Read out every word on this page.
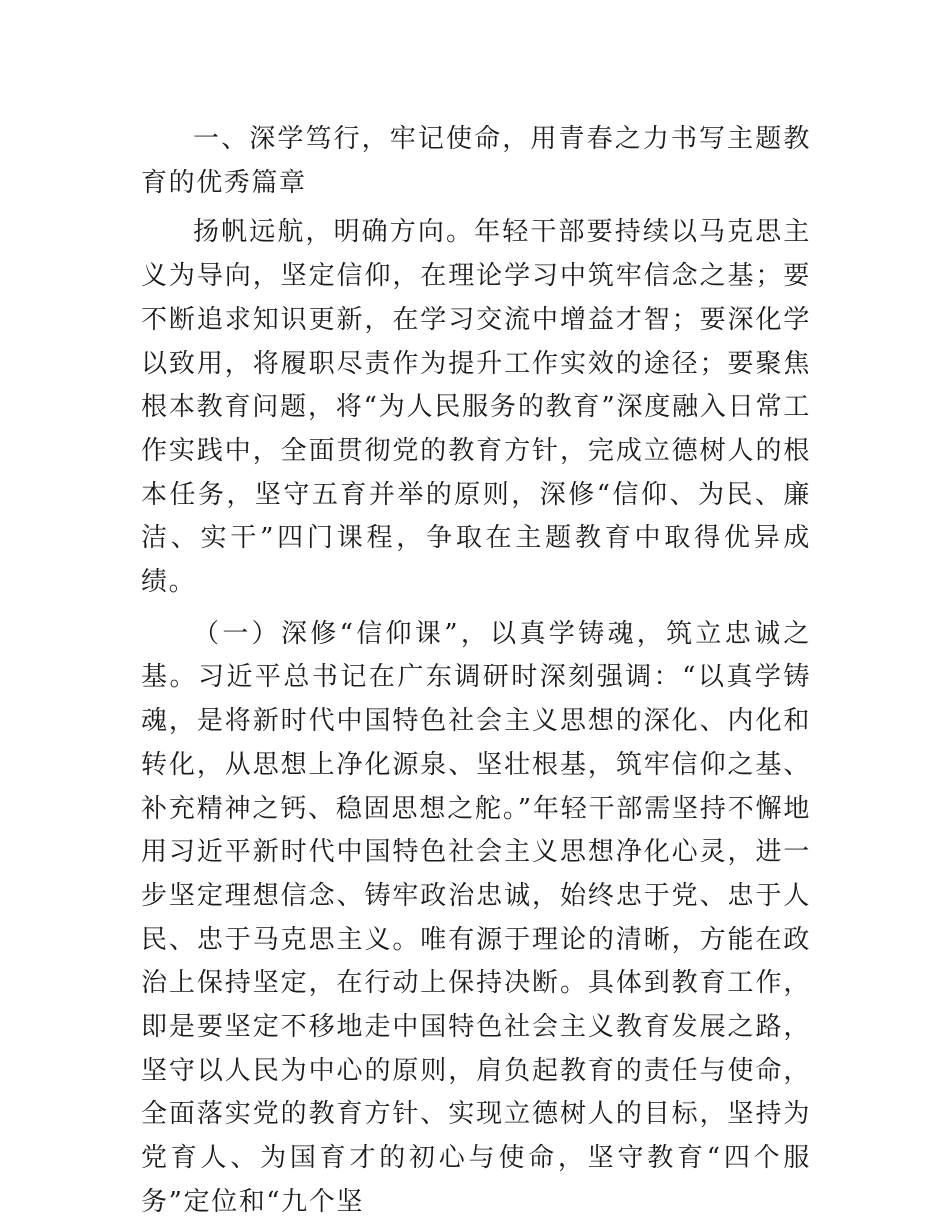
一、深学笃行，牢记使命，用青春之力书写主题教育的优秀篇章

扬帆远航，明确方向。年轻干部要持续以马克思主义为导向，坚定信仰，在理论学习中筑牢信念之基；要不断追求知识更新，在学习交流中增益才智；要深化学以致用，将履职尽责作为提升工作实效的途径；要聚焦根本教育问题，将“为人民服务的教育”深度融入日常工作实践中，全面贯彻党的教育方针，完成立德树人的根本任务，坚守五育并举的原则，深修“信仰、为民、廉洁、实干”四门课程，争取在主题教育中取得优异成绩。

（一）深修“信仰课”，以真学铸魂，筑立忠诚之基。习近平总书记在广东调研时深刻强调：“以真学铸魂，是将新时代中国特色社会主义思想的深化、内化和转化，从思想上净化源泉、坚壮根基，筑牢信仰之基、补充精神之钙、稳固思想之舵。”年轻干部需坚持不懈地用习近平新时代中国特色社会主义思想净化心灵，进一步坚定理想信念、铸牢政治忠诚，始终忠于党、忠于人民、忠于马克思主义。唯有源于理论的清晰，方能在政治上保持坚定，在行动上保持决断。具体到教育工作，即是要坚定不移地走中国特色社会主义教育发展之路，坚守以人民为中心的原则，肩负起教育的责任与使命，全面落实党的教育方针、实现立德树人的目标，坚持为党育人、为国育才的初心与使命，坚守教育“四个服务”定位和“九个坚
